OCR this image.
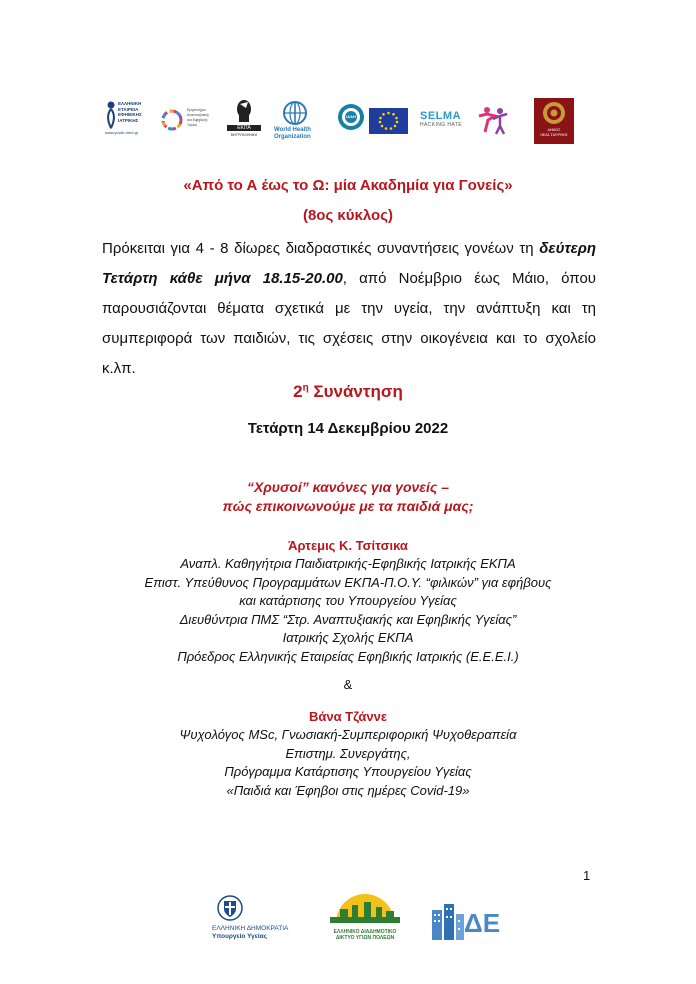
ΕΛΛΗΝΙΚΗ
ΕΤΑΙΡΕΙΑ
ΕΦΗΒΙΚΗΣ
ΙΑΤΡΙΚΗΣ
www.youth-med.gr
Εργαστήριο
Αναπτυξιακής
και Εφηβικής
Υγείας	ΕΚΠΑ
ΜΗΤΡΟΚΛΗΝΙΚΗ
World Health
Organization
IAAH	SELMA
HACKING HATE
ΔΗΜΟΣ
ΝΕΑΣ ΣΜΥΡΝΗΣ
«Από το Α έως το Ω: μία Ακαδημία για Γονείς»
(8ος κύκλος)
Πρόκειται για 4 - 8 δίωρες διαδραστικές συναντήσεις γονέων τη δεύτερη Τετάρτη κάθε μήνα 18.15-20.00, από Νοέμβριο έως Μάιο, όπου παρουσιάζονται θέματα σχετικά με την υγεία, την ανάπτυξη και τη συμπεριφορά των παιδιών, τις σχέσεις στην οικογένεια και το σχολείο κ.λπ.
$2^\eta$ Συνάντηση
Τετάρτη 14 Δεκεμβρίου 2022
“Χρυσοί” κανόνες για γονείς –
πώς επικοινωνούμε με τα παιδιά μας;
Άρτεμις Κ. Τσίτσικα
Αναπλ. Καθηγήτρια Παιδιατρικής-Εφηβικής Ιατρικής ΕΚΠΑ
Επιστ. Υπεύθυνος Προγραμμάτων ΕΚΠΑ-Π.Ο.Υ. “φιλικών” για εφήβους
και κατάρτισης του Υπουργείου Υγείας
Διευθύντρια ΠΜΣ “Στρ. Αναπτυξιακής και Εφηβικής Υγείας”
Ιατρικής Σχολής ΕΚΠΑ
Πρόεδρος Ελληνικής Εταιρείας Εφηβικής Ιατρικής (Ε.Ε.Ε.Ι.)
&
Βάνα Τζάννε
Ψυχολόγος MSc, Γνωσιακή-Συμπεριφορική Ψυχοθεραπεία
Επιστημ. Συνεργάτης,
Πρόγραμμα Κατάρτισης Υπουργείου Υγείας
«Παιδιά και Έφηβοι στις ημέρες Covid-19»
1
ΕΛΛΗΝΙΚΗ ΔΗΜΟΚΡΑΤΙΑ
Υπουργείο Υγείας
ΕΛΛΗΝΙΚΟ ΔΙΑΔΗΜΟΤΙΚΟ
ΔΙΚΤΥΟ ΥΓΙΩΝ ΠΟΛΕΩΝ	ΔΕ
